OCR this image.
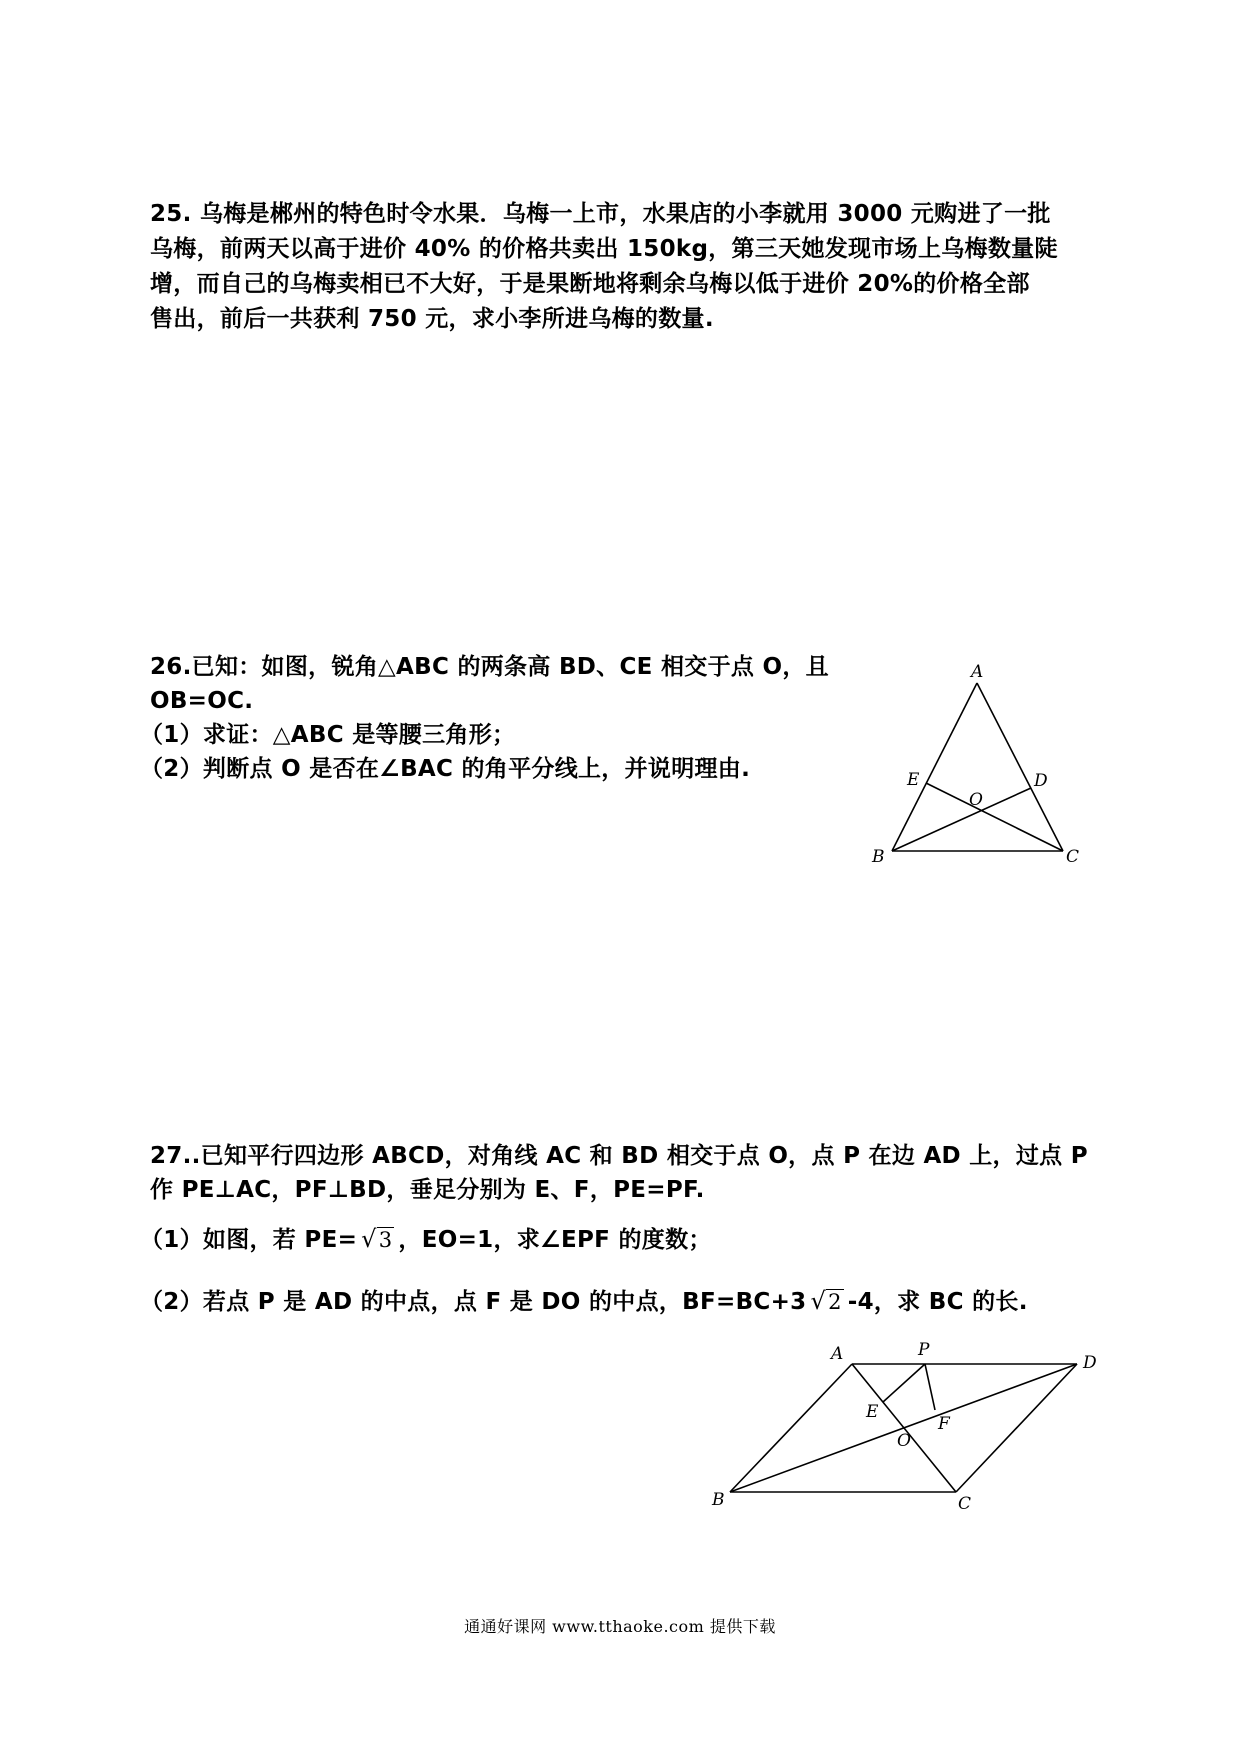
25. 乌梅是郴州的特色时令水果．乌梅一上市，水果店的小李就用 3000 元购进了一批
乌梅，前两天以高于进价 40% 的价格共卖出 150kg，第三天她发现市场上乌梅数量陡
增，而自己的乌梅卖相已不大好，于是果断地将剩余乌梅以低于进价 20%的价格全部
售出，前后一共获利 750 元，求小李所进乌梅的数量.
26.已知：如图，锐角△ABC 的两条高 BD、CE 相交于点 O，且
OB=OC.
（1）求证：△ABC 是等腰三角形；
（2）判断点 O 是否在∠BAC 的角平分线上，并说明理由.
A
B	C
D
E
O
27..已知平行四边形 ABCD，对角线 AC 和 BD 相交于点 O，点 P 在边 AD 上，过点 P
作 PE⊥AC，PF⊥BD，垂足分别为 E、F，PE=PF.
（1）如图，若 PE= √3 ，EO=1，求∠EPF 的度数；
（2）若点 P 是 AD 的中点，点 F 是 DO 的中点，BF=BC+3 √2 -4，求 BC 的长.
A
B	C
D
E
F
O
P
通通好课网 www.tthaoke.com 提供下载
